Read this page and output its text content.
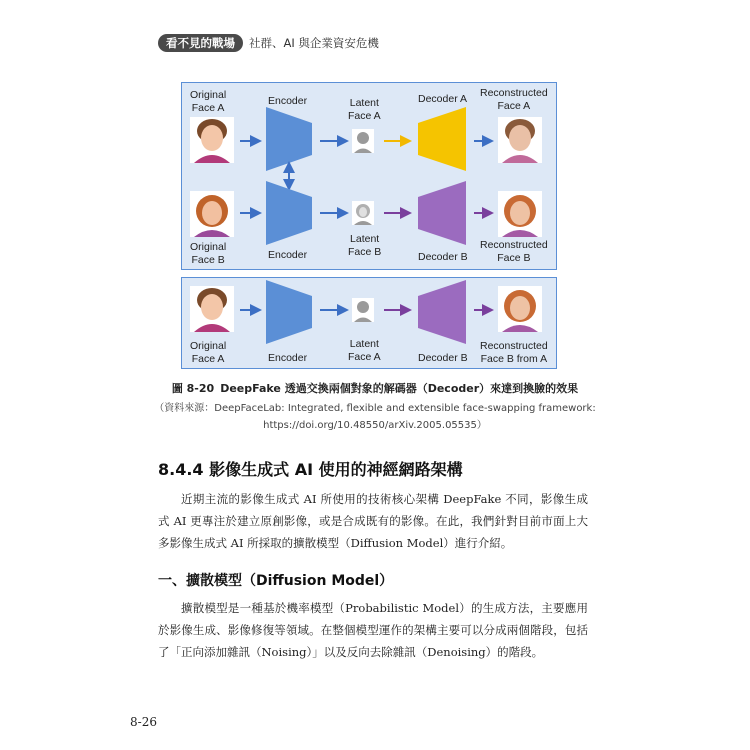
看不見的戰場	社群、AI 與企業資安危機
Original
Face A
Encoder	Latent
Face A
Decoder A Reconstructed
Face A
Original
Face B	Encoder
Latent
Face B	Decoder B
Reconstructed
Face B
Original
Face A	Encoder
Latent
Face A	Decoder B
Reconstructed
Face B from A
圖 8-20 DeepFake 透過交換兩個對象的解碼器（Decoder）來達到換臉的效果
（資料來源：DeepFaceLab: Integrated, flexible and extensible face-swapping framework:
https://doi.org/10.48550/arXiv.2005.05535）
8.4.4 影像生成式 AI 使用的神經網路架構
近期主流的影像生成式 AI 所使用的技術核心架構 DeepFake 不同，影像生成式 AI 更專注於建立原創影像，或是合成既有的影像。在此，我們針對目前市面上大多影像生成式 AI 所採取的擴散模型（Diffusion Model）進行介紹。
一、擴散模型（Diffusion Model）
擴散模型是一種基於機率模型（Probabilistic Model）的生成方法，主要應用於影像生成、影像修復等領域。在整個模型運作的架構主要可以分成兩個階段，包括了「正向添加雜訊（Noising）」以及反向去除雜訊（Denoising）的階段。
8-26
